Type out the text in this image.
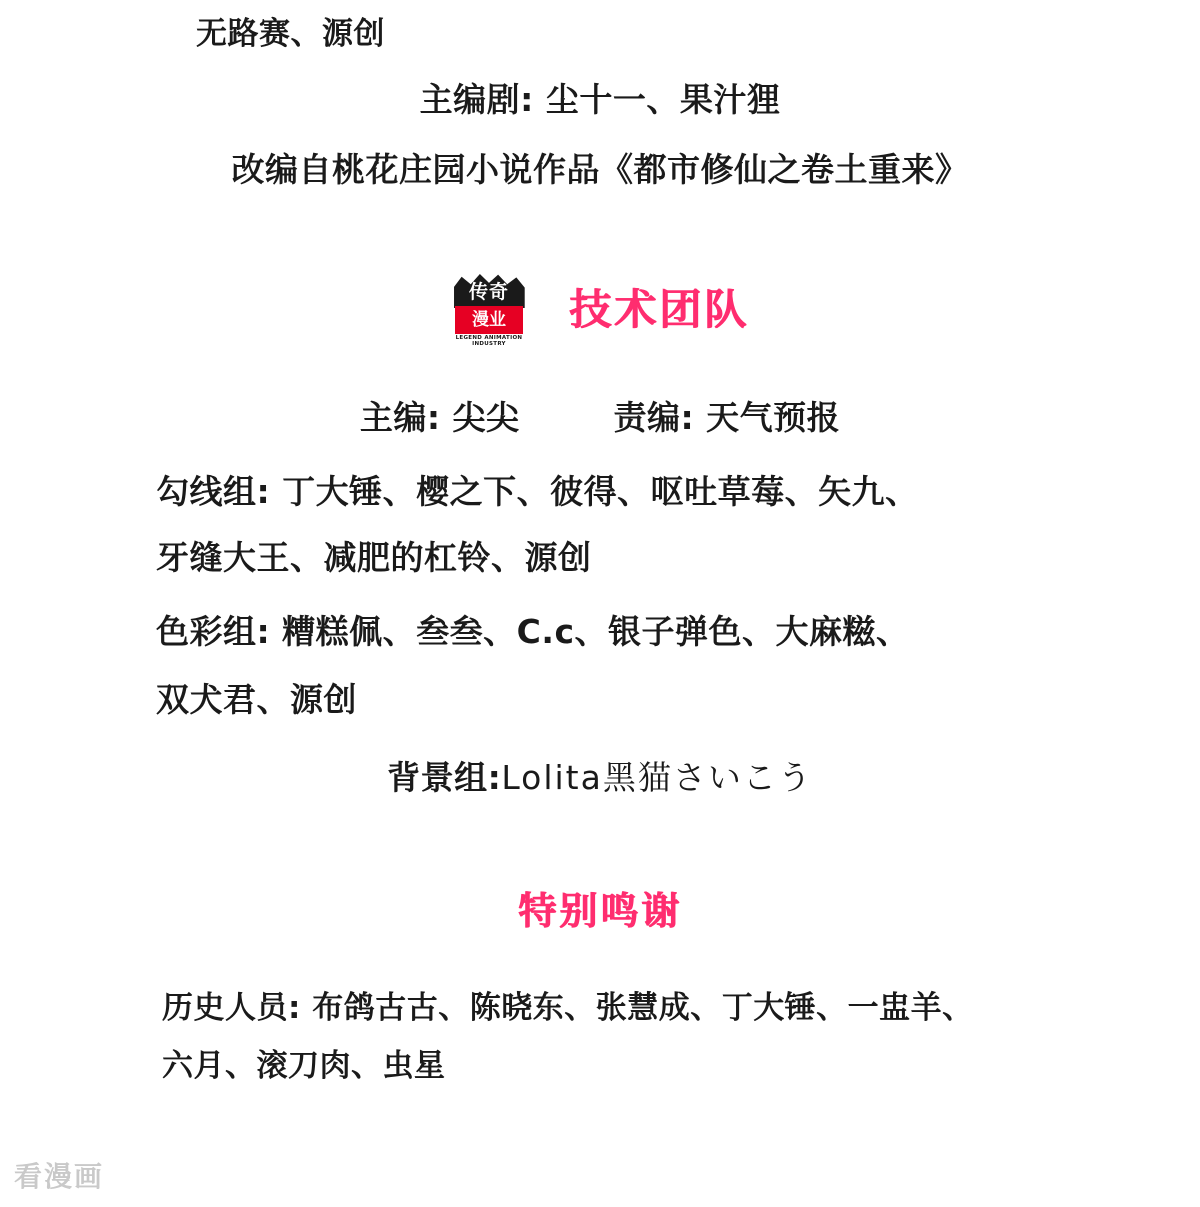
无路赛、源创
主编剧: 尘十一、果汁狸
改编自桃花庄园小说作品《都市修仙之卷土重来》
传奇
漫业
LEGEND ANIMATION INDUSTRY
技术团队
主编: 尖尖	责编: 天气预报
勾线组: 丁大锤、樱之下、彼得、呕吐草莓、矢九、
牙缝大王、减肥的杠铃、源创
色彩组: 糟糕佩、叁叁、C.c、银子弹色、大麻糍、
双犬君、源创
背景组:Lolita黑猫さいこう
特别鸣谢
历史人员: 布鸽古古、陈晓东、张慧成、丁大锤、一盅羊、
六月、滚刀肉、虫星
看漫画
